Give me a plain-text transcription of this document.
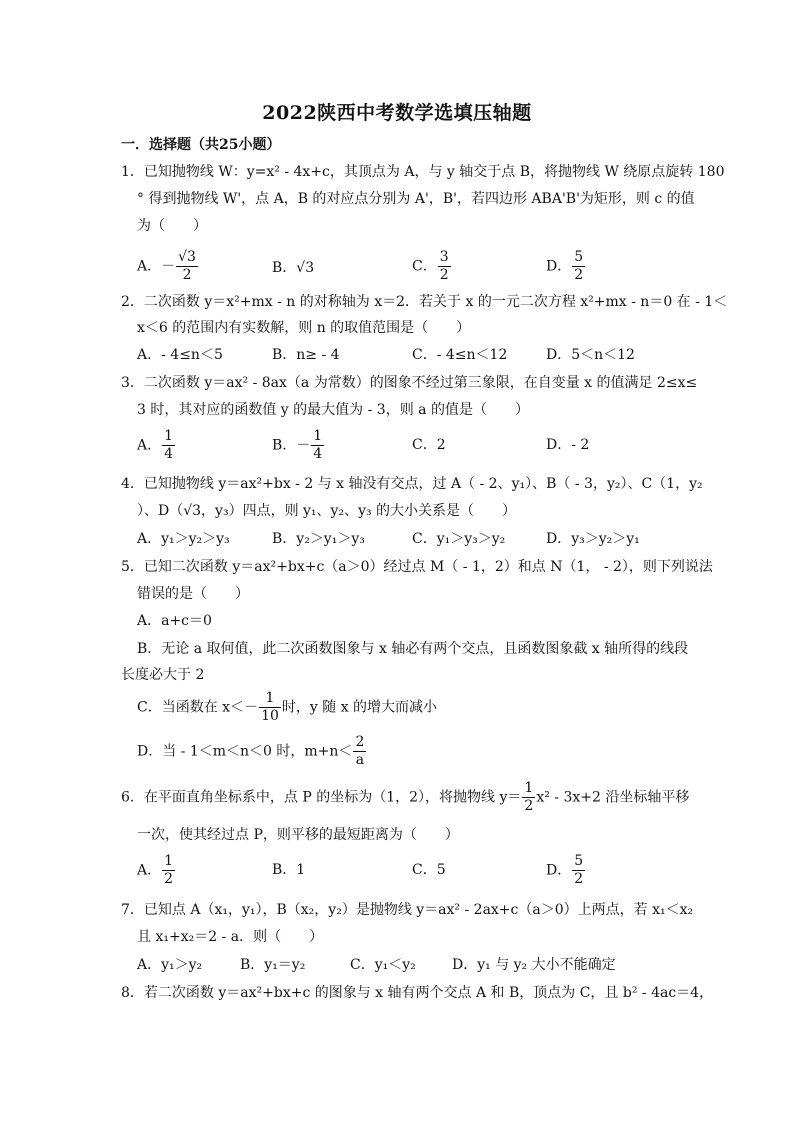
2022陕西中考数学选填压轴题
一．选择题（共25小题）
1．已知抛物线 W：y=x² - 4x+c，其顶点为 A，与 y 轴交于点 B，将抛物线 W 绕原点旋转 180
° 得到抛物线 W'，点 A，B 的对应点分别为 A'，B'，若四边形 ABA'B'为矩形，则 c 的值
为（　　）
A．－ $\frac{√3}{2}$	B．√3	C． $\frac{3}{2}$	D． $\frac{5}{2}$
2．二次函数 y＝x²+mx - n 的对称轴为 x＝2．若关于 x 的一元二次方程 x²+mx - n＝0 在 - 1＜
x＜6 的范围内有实数解，则 n 的取值范围是（　　）
A．- 4≤n＜5	B．n≥ - 4	C．- 4≤n＜12	D．5＜n＜12
3．二次函数 y＝ax² - 8ax（a 为常数）的图象不经过第三象限，在自变量 x 的值满足 2≤x≤
3 时，其对应的函数值 y 的最大值为 - 3，则 a 的值是（　　）
A． $\frac{1}{4}$	B．－ $\frac{1}{4}$	C．2	D．- 2
4．已知抛物线 y＝ax²+bx - 2 与 x 轴没有交点，过 A（ - 2、y₁）、B（ - 3，y₂）、C（1，y₂
）、D（√3，y₃）四点，则 y₁、y₂、y₃ 的大小关系是（　　）
A．y₁＞y₂＞y₃	B．y₂＞y₁＞y₃	C．y₁＞y₃＞y₂	D．y₃＞y₂＞y₁
5．已知二次函数 y＝ax²+bx+c（a＞0）经过点 M（ - 1，2）和点 N（1， - 2），则下列说法
错误的是（　　）
A．a+c＝0
B．无论 a 取何值，此二次函数图象与 x 轴必有两个交点，且函数图象截 x 轴所得的线段
长度必大于 2
C．当函数在 $x<- \frac{1}{10}$ 时，y 随 x 的增大而减小
D．当 - 1＜m＜n＜0 时，$m+n< \frac{2}{a}$
6．在平面直角坐标系中，点 P 的坐标为（1，2），将抛物线 $y= \frac{1}{2} x^2 - 3x+2$ 沿坐标轴平移
一次，使其经过点 P，则平移的最短距离为（　　）
A． $\frac{1}{2}$	B．1	C．5	D． $\frac{5}{2}$
7．已知点 A（x₁，y₁），B（x₂，y₂）是抛物线 y＝ax² - 2ax+c（a＞0）上两点，若 x₁＜x₂
且 x₁+x₂＝2 - a．则（　　）
A．y₁＞y₂	B．y₁＝y₂	C．y₁＜y₂	D．y₁ 与 y₂ 大小不能确定
8．若二次函数 y＝ax²+bx+c 的图象与 x 轴有两个交点 A 和 B，顶点为 C，且 b² - 4ac＝4，
